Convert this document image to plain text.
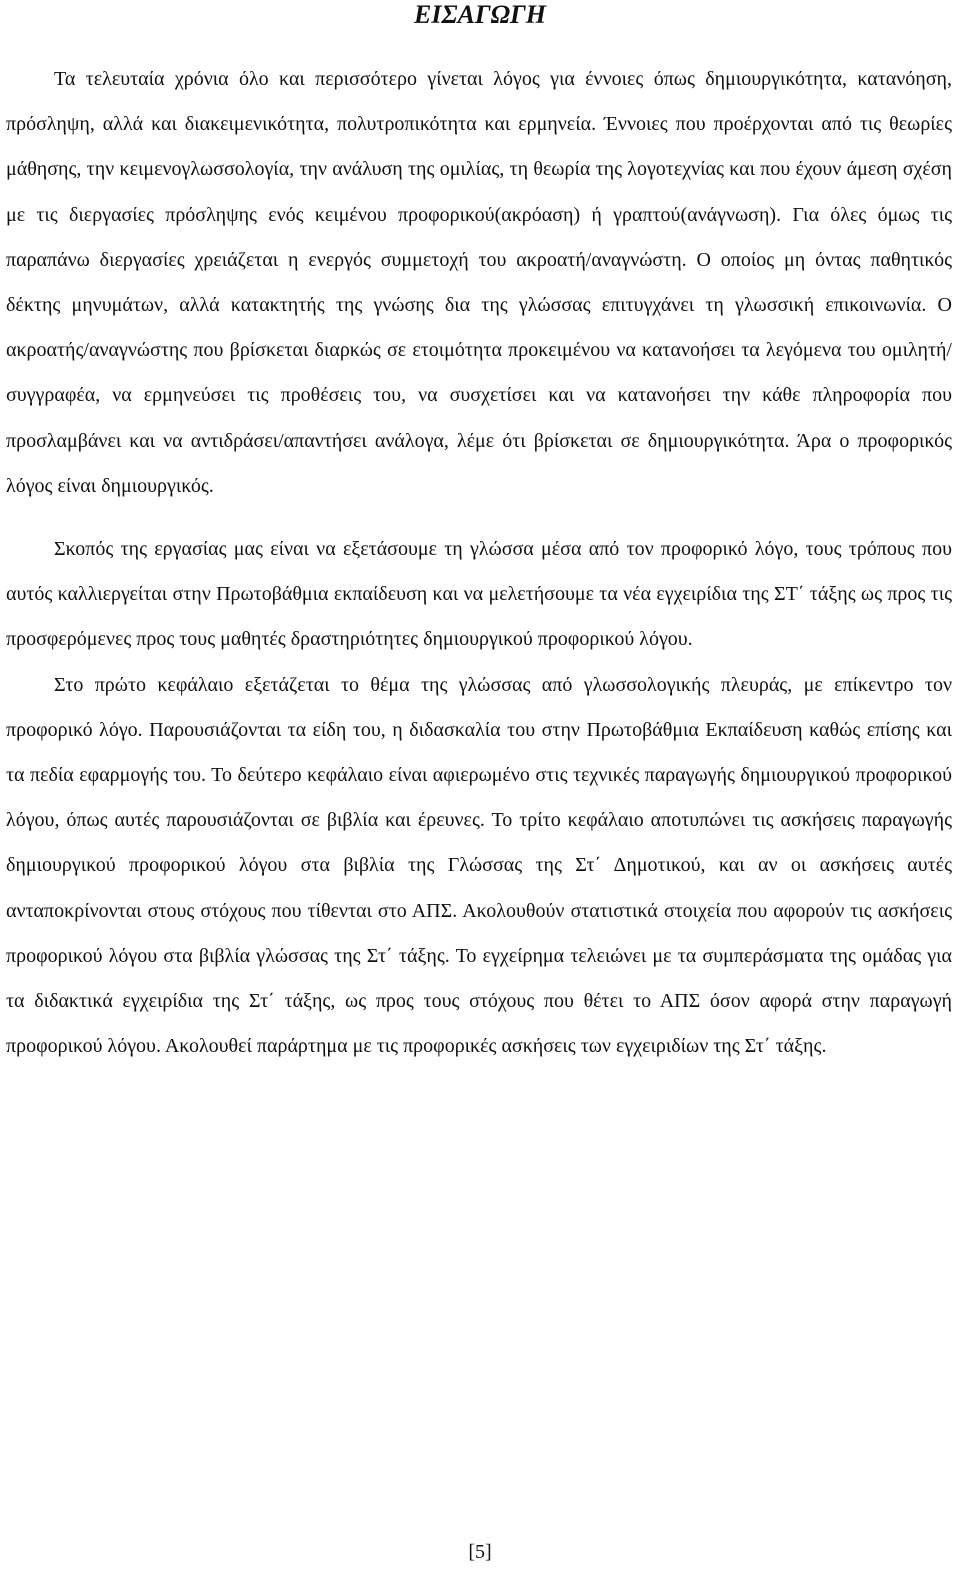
ΕΙΣΑΓΩΓΗ

Τα τελευταία χρόνια όλο και περισσότερο γίνεται λόγος για έννοιες όπως δημιουργικότητα, κατανόηση, πρόσληψη, αλλά και διακειμενικότητα, πολυτροπικότητα και ερμηνεία. Έννοιες που προέρχονται από τις θεωρίες μάθησης, την κειμενογλωσσολογία, την ανάλυση της ομιλίας, τη θεωρία της λογοτεχνίας και που έχουν άμεση σχέση με τις διεργασίες πρόσληψης ενός κειμένου προφορικού(ακρόαση) ή γραπτού(ανάγνωση). Για όλες όμως τις παραπάνω διεργασίες χρειάζεται η ενεργός συμμετοχή του ακροατή/αναγνώστη. Ο οποίος μη όντας παθητικός δέκτης μηνυμάτων, αλλά κατακτητής της γνώσης δια της γλώσσας επιτυγχάνει τη γλωσσική επικοινωνία. Ο ακροατής/αναγνώστης που βρίσκεται διαρκώς σε ετοιμότητα προκειμένου να κατανοήσει τα λεγόμενα του ομιλητή/συγγραφέα, να ερμηνεύσει τις προθέσεις του, να συσχετίσει και να κατανοήσει την κάθε πληροφορία που προσλαμβάνει και να αντιδράσει/απαντήσει ανάλογα, λέμε ότι βρίσκεται σε δημιουργικότητα. Άρα ο προφορικός λόγος είναι δημιουργικός.

Σκοπός της εργασίας μας είναι να εξετάσουμε τη γλώσσα μέσα από τον προφορικό λόγο, τους τρόπους που αυτός καλλιεργείται στην Πρωτοβάθμια εκπαίδευση και να μελετήσουμε τα νέα εγχειρίδια της ΣΤ΄ τάξης ως προς τις προσφερόμενες προς τους μαθητές δραστηριότητες δημιουργικού προφορικού λόγου.

Στο πρώτο κεφάλαιο εξετάζεται το θέμα της γλώσσας από γλωσσολογικής πλευράς, με επίκεντρο τον προφορικό λόγο. Παρουσιάζονται τα είδη του, η διδασκαλία του στην Πρωτοβάθμια Εκπαίδευση καθώς επίσης και τα πεδία εφαρμογής του. Το δεύτερο κεφάλαιο είναι αφιερωμένο στις τεχνικές παραγωγής δημιουργικού προφορικού λόγου, όπως αυτές παρουσιάζονται σε βιβλία και έρευνες. Το τρίτο κεφάλαιο αποτυπώνει τις ασκήσεις παραγωγής δημιουργικού προφορικού λόγου στα βιβλία της Γλώσσας της Στ΄ Δημοτικού, και αν οι ασκήσεις αυτές ανταποκρίνονται στους στόχους που τίθενται στο ΑΠΣ. Ακολουθούν στατιστικά στοιχεία που αφορούν τις ασκήσεις προφορικού λόγου στα βιβλία γλώσσας της Στ΄ τάξης. Το εγχείρημα τελειώνει με τα συμπεράσματα της ομάδας για τα διδακτικά εγχειρίδια της Στ΄ τάξης, ως προς τους στόχους που θέτει το ΑΠΣ όσον αφορά στην παραγωγή προφορικού λόγου. Ακολουθεί παράρτημα με τις προφορικές ασκήσεις των εγχειριδίων της Στ΄ τάξης.

[5]
